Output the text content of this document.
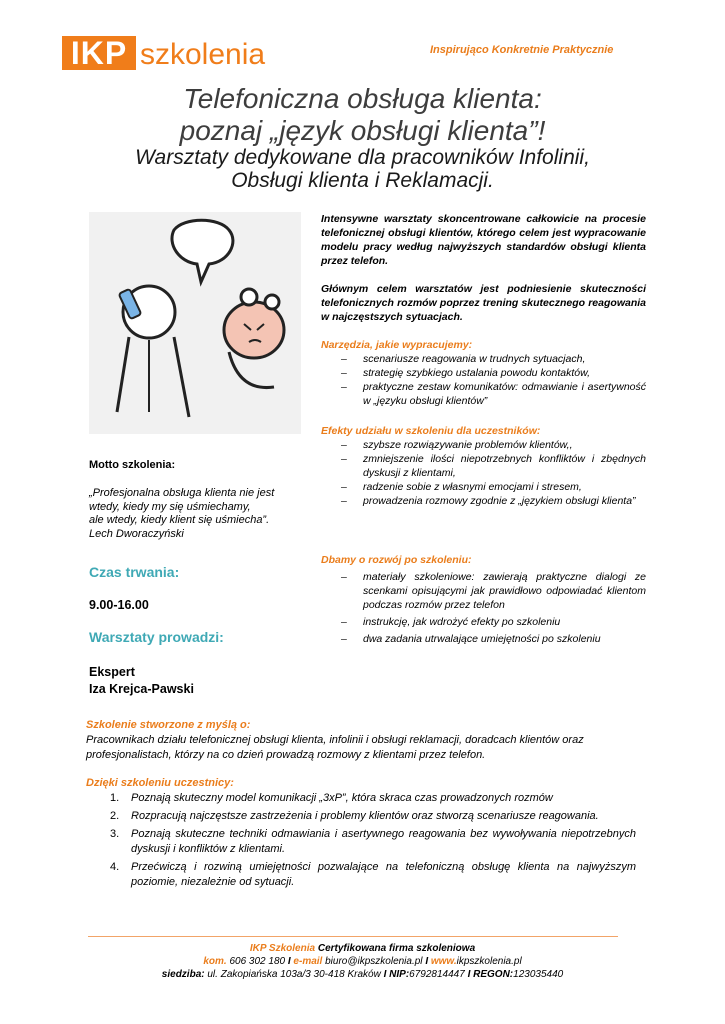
IKP szkolenia	Inspirująco Konkretnie Praktycznie
Telefoniczna obsługa klienta:
poznaj „język obsługi klienta”!
Warsztaty dedykowane dla pracowników Infolinii,
Obsługi klienta i Reklamacji.
Intensywne warsztaty skoncentrowane całkowicie na procesie telefonicznej obsługi klientów, którego celem jest wypracowanie modelu pracy według najwyższych standardów obsługi klienta przez telefon.
Głównym celem warsztatów jest podniesienie skuteczności telefonicznych rozmów poprzez trening skutecznego reagowania w najczęstszych sytuacjach.
Narzędzia, jakie wypracujemy:
– scenariusze reagowania w trudnych sytuacjach,
– strategię szybkiego ustalania powodu kontaktów,
– praktyczne zestaw komunikatów: odmawianie i asertywność w „języku obsługi klientów”
Efekty udziału w szkoleniu dla uczestników:
– szybsze rozwiązywanie problemów klientów,,
– zmniejszenie ilości niepotrzebnych konfliktów i zbędnych dyskusji z klientami,
– radzenie sobie z własnymi emocjami i stresem,
– prowadzenia rozmowy zgodnie z „językiem obsługi klienta”
Dbamy o rozwój po szkoleniu:
– materiały szkoleniowe: zawierają praktyczne dialogi ze scenkami opisującymi jak prawidłowo odpowiadać klientom podczas rozmów przez telefon
– instrukcję, jak wdrożyć efekty po szkoleniu
– dwa zadania utrwalające umiejętności po szkoleniu
Motto szkolenia:
„Profesjonalna obsługa klienta nie jest
wtedy, kiedy my się uśmiechamy,
ale wtedy, kiedy klient się uśmiecha”.
Lech Dworaczyński
Czas trwania:
9.00-16.00
Warsztaty prowadzi:
Ekspert
Iza Krejca-Pawski
Szkolenie stworzone z myślą o:
Pracownikach działu telefonicznej obsługi klienta, infolinii i obsługi reklamacji, doradcach klientów oraz profesjonalistach, którzy na co dzień prowadzą rozmowy z klientami przez telefon.
Dzięki szkoleniu uczestnicy:
1. Poznają skuteczny model komunikacji „3xP”, która skraca czas prowadzonych rozmów
2. Rozpracują najczęstsze zastrzeżenia i problemy klientów oraz stworzą scenariusze reagowania.
3. Poznają skuteczne techniki odmawiania i asertywnego reagowania bez wywoływania niepotrzebnych dyskusji i konfliktów z klientami.
4. Przećwiczą i rozwiną umiejętności pozwalające na telefoniczną obsługę klienta na najwyższym poziomie, niezależnie od sytuacji.
IKP Szkolenia Certyfikowana firma szkoleniowa
kom. 606 302 180 I e-mail biuro@ikpszkolenia.pl I www.ikpszkolenia.pl
siedziba: ul. Zakopiańska 103a/3 30-418 Kraków I NIP:6792814447 I REGON:123035440
